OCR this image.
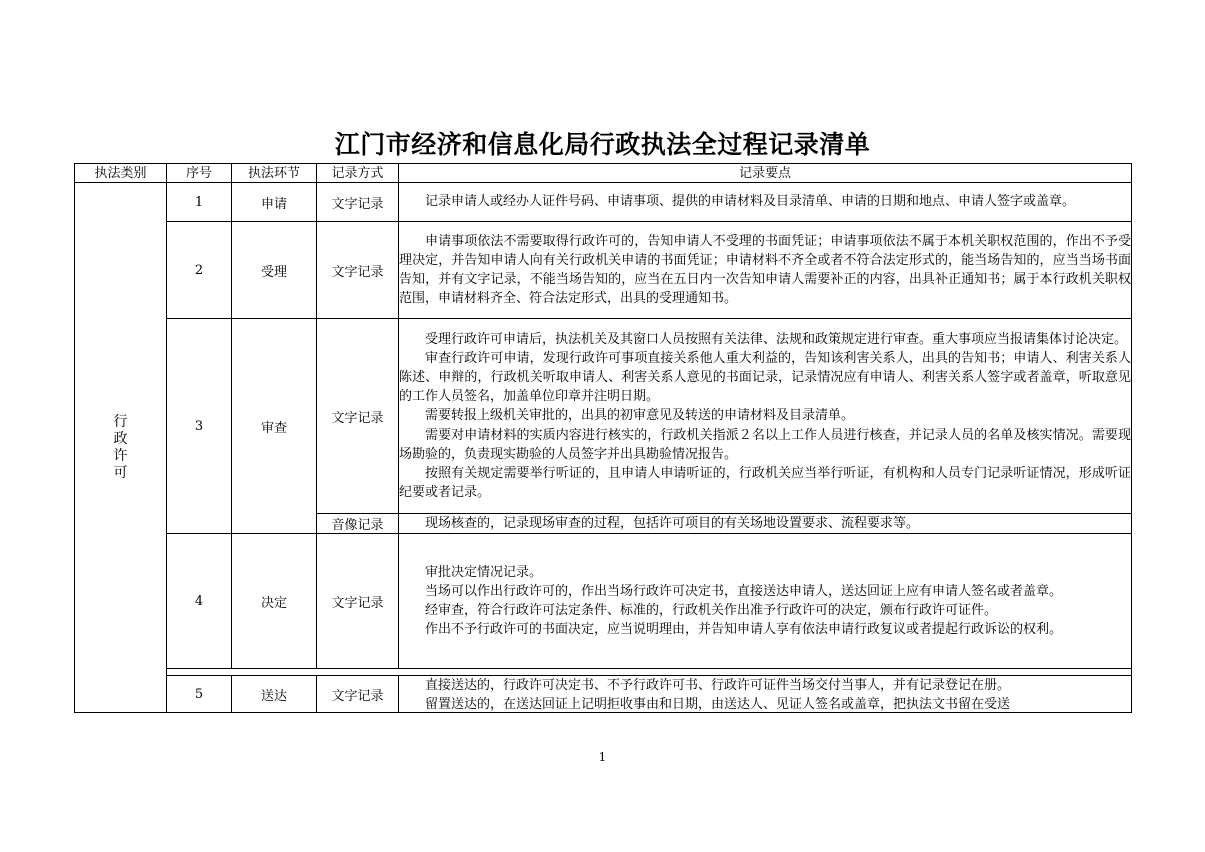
江门市经济和信息化局行政执法全过程记录清单
执法类别	序号	执法环节	记录方式	记录要点
行政许可	1	申请	文字记录	记录申请人或经办人证件号码、申请事项、提供的申请材料及目录清单、申请的日期和地点、申请人签字或盖章。

	2	受理	文字记录	申请事项依法不需要取得行政许可的，告知申请人不受理的书面凭证；申请事项依法不属于本机关职权范围的，作出不予受理决定，并告知申请人向有关行政机关申请的书面凭证；申请材料不齐全或者不符合法定形式的，能当场告知的，应当当场书面告知，并有文字记录，不能当场告知的，应当在五日内一次告知申请人需要补正的内容，出具补正通知书；属于本行政机关职权范围，申请材料齐全、符合法定形式，出具的受理通知书。

	3	审查	文字记录	受理行政许可申请后，执法机关及其窗口人员按照有关法律、法规和政策规定进行审查。重大事项应当报请集体讨论决定。

审查行政许可申请，发现行政许可事项直接关系他人重大利益的，告知该利害关系人，出具的告知书；申请人、利害关系人陈述、申辩的，行政机关听取申请人、利害关系人意见的书面记录，记录情况应有申请人、利害关系人签字或者盖章，听取意见的工作人员签名，加盖单位印章并注明日期。

需要转报上级机关审批的，出具的初审意见及转送的申请材料及目录清单。

需要对申请材料的实质内容进行核实的，行政机关指派２名以上工作人员进行核查，并记录人员的名单及核实情况。需要现场勘验的，负责现实勘验的人员签字并出具勘验情况报告。

按照有关规定需要举行听证的，且申请人申请听证的，行政机关应当举行听证，有机构和人员专门记录听证情况，形成听证纪要或者记录。

			音像记录	现场核查的，记录现场审查的过程，包括许可项目的有关场地设置要求、流程要求等。

	4	决定	文字记录	审批决定情况记录。

当场可以作出行政许可的，作出当场行政许可决定书，直接送达申请人，送达回证上应有申请人签名或者盖章。

经审查，符合行政许可法定条件、标准的，行政机关作出准予行政许可的决定，颁布行政许可证件。

作出不予行政许可的书面决定，应当说明理由，并告知申请人享有依法申请行政复议或者提起行政诉讼的权利。

	5	送达	文字记录	直接送达的，行政许可决定书、不予行政许可书、行政许可证件当场交付当事人，并有记录登记在册。

留置送达的，在送达回证上记明拒收事由和日期，由送达人、见证人签名或盖章，把执法文书留在受送

1
